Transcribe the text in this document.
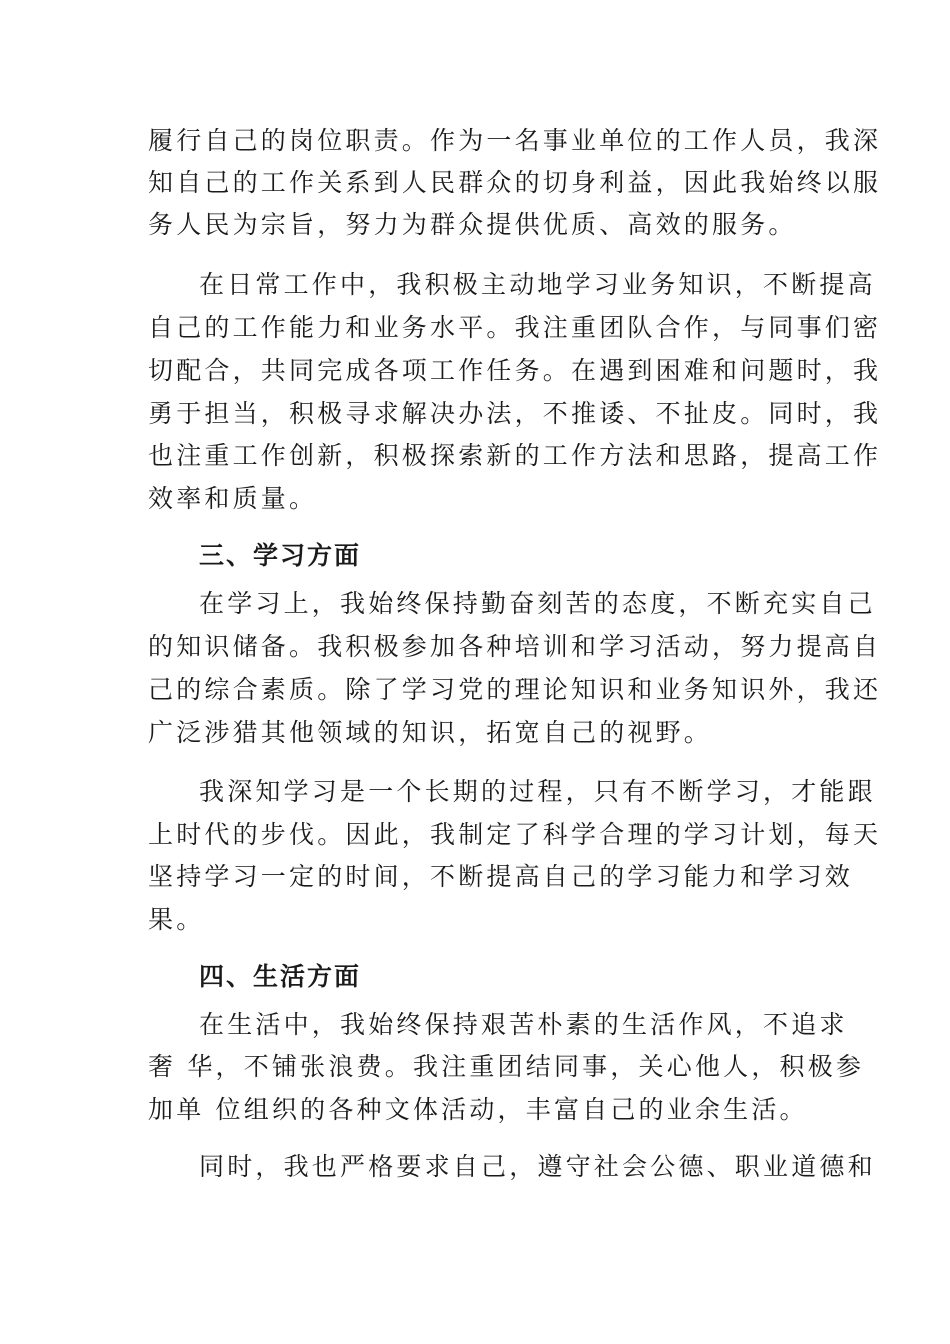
履行自己的岗位职责。作为一名事业单位的工作人员，我深
知自己的工作关系到人民群众的切身利益，因此我始终以服
务人民为宗旨，努力为群众提供优质、高效的服务。
在日常工作中，我积极主动地学习业务知识，不断提高
自己的工作能力和业务水平。我注重团队合作，与同事们密
切配合，共同完成各项工作任务。在遇到困难和问题时，我
勇于担当，积极寻求解决办法，不推诿、不扯皮。同时，我
也注重工作创新，积极探索新的工作方法和思路，提高工作
效率和质量。
三、学习方面
在学习上，我始终保持勤奋刻苦的态度，不断充实自己
的知识储备。我积极参加各种培训和学习活动，努力提高自
己的综合素质。除了学习党的理论知识和业务知识外，我还
广泛涉猎其他领域的知识，拓宽自己的视野。
我深知学习是一个长期的过程，只有不断学习，才能跟
上时代的步伐。因此，我制定了科学合理的学习计划，每天
坚持学习一定的时间，不断提高自己的学习能力和学习效
果。
四、生活方面
在生活中，我始终保持艰苦朴素的生活作风，不追求
奢 华，不铺张浪费。我注重团结同事，关心他人，积极参
加单 位组织的各种文体活动，丰富自己的业余生活。
同时，我也严格要求自己，遵守社会公德、职业道德和
